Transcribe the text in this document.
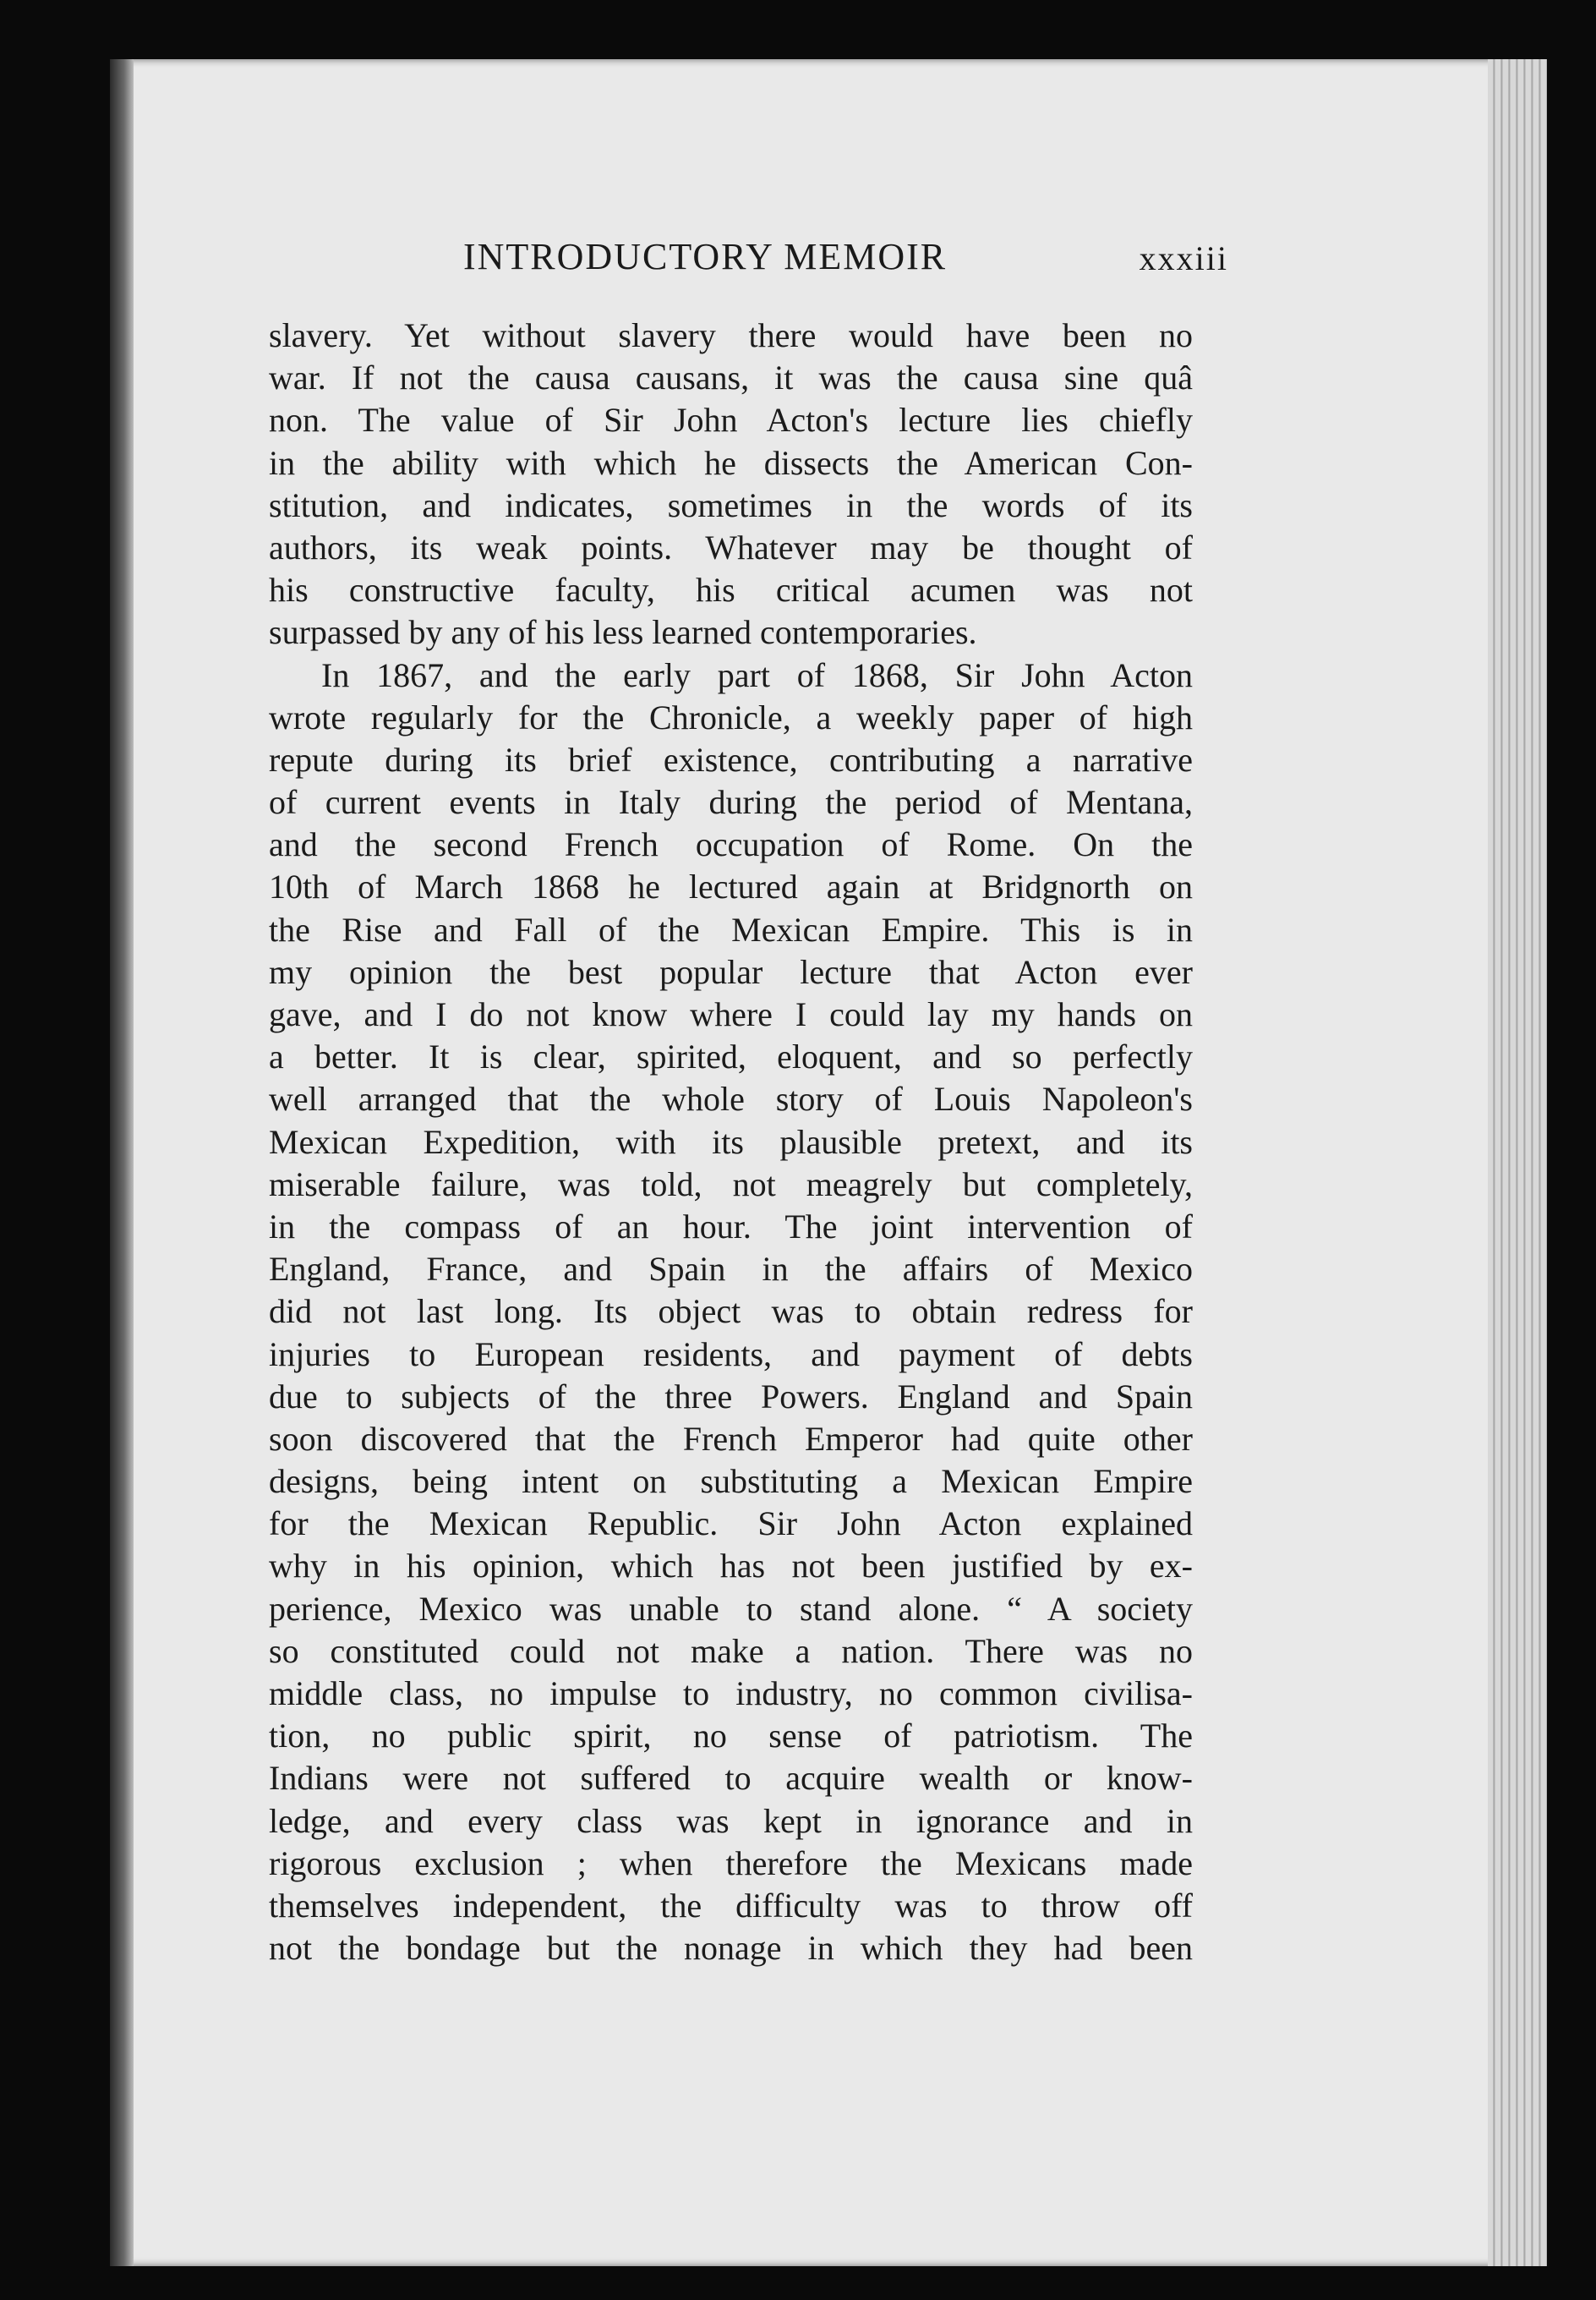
INTRODUCTORY MEMOIR	xxxiii
slavery. Yet without slavery there would have been no
war. If not the causa causans, it was the causa sine quâ
non. The value of Sir John Acton's lecture lies chiefly
in the ability with which he dissects the American Con-
stitution, and indicates, sometimes in the words of its
authors, its weak points. Whatever may be thought of
his constructive faculty, his critical acumen was not
surpassed by any of his less learned contemporaries.
In 1867, and the early part of 1868, Sir John Acton
wrote regularly for the Chronicle, a weekly paper of high
repute during its brief existence, contributing a narrative
of current events in Italy during the period of Mentana,
and the second French occupation of Rome. On the
10th of March 1868 he lectured again at Bridgnorth on
the Rise and Fall of the Mexican Empire. This is in
my opinion the best popular lecture that Acton ever
gave, and I do not know where I could lay my hands on
a better. It is clear, spirited, eloquent, and so perfectly
well arranged that the whole story of Louis Napoleon's
Mexican Expedition, with its plausible pretext, and its
miserable failure, was told, not meagrely but completely,
in the compass of an hour. The joint intervention of
England, France, and Spain in the affairs of Mexico
did not last long. Its object was to obtain redress for
injuries to European residents, and payment of debts
due to subjects of the three Powers. England and Spain
soon discovered that the French Emperor had quite other
designs, being intent on substituting a Mexican Empire
for the Mexican Republic. Sir John Acton explained
why in his opinion, which has not been justified by ex-
perience, Mexico was unable to stand alone. “ A society
so constituted could not make a nation. There was no
middle class, no impulse to industry, no common civilisa-
tion, no public spirit, no sense of patriotism. The
Indians were not suffered to acquire wealth or know-
ledge, and every class was kept in ignorance and in
rigorous exclusion ; when therefore the Mexicans made
themselves independent, the difficulty was to throw off
not the bondage but the nonage in which they had been
